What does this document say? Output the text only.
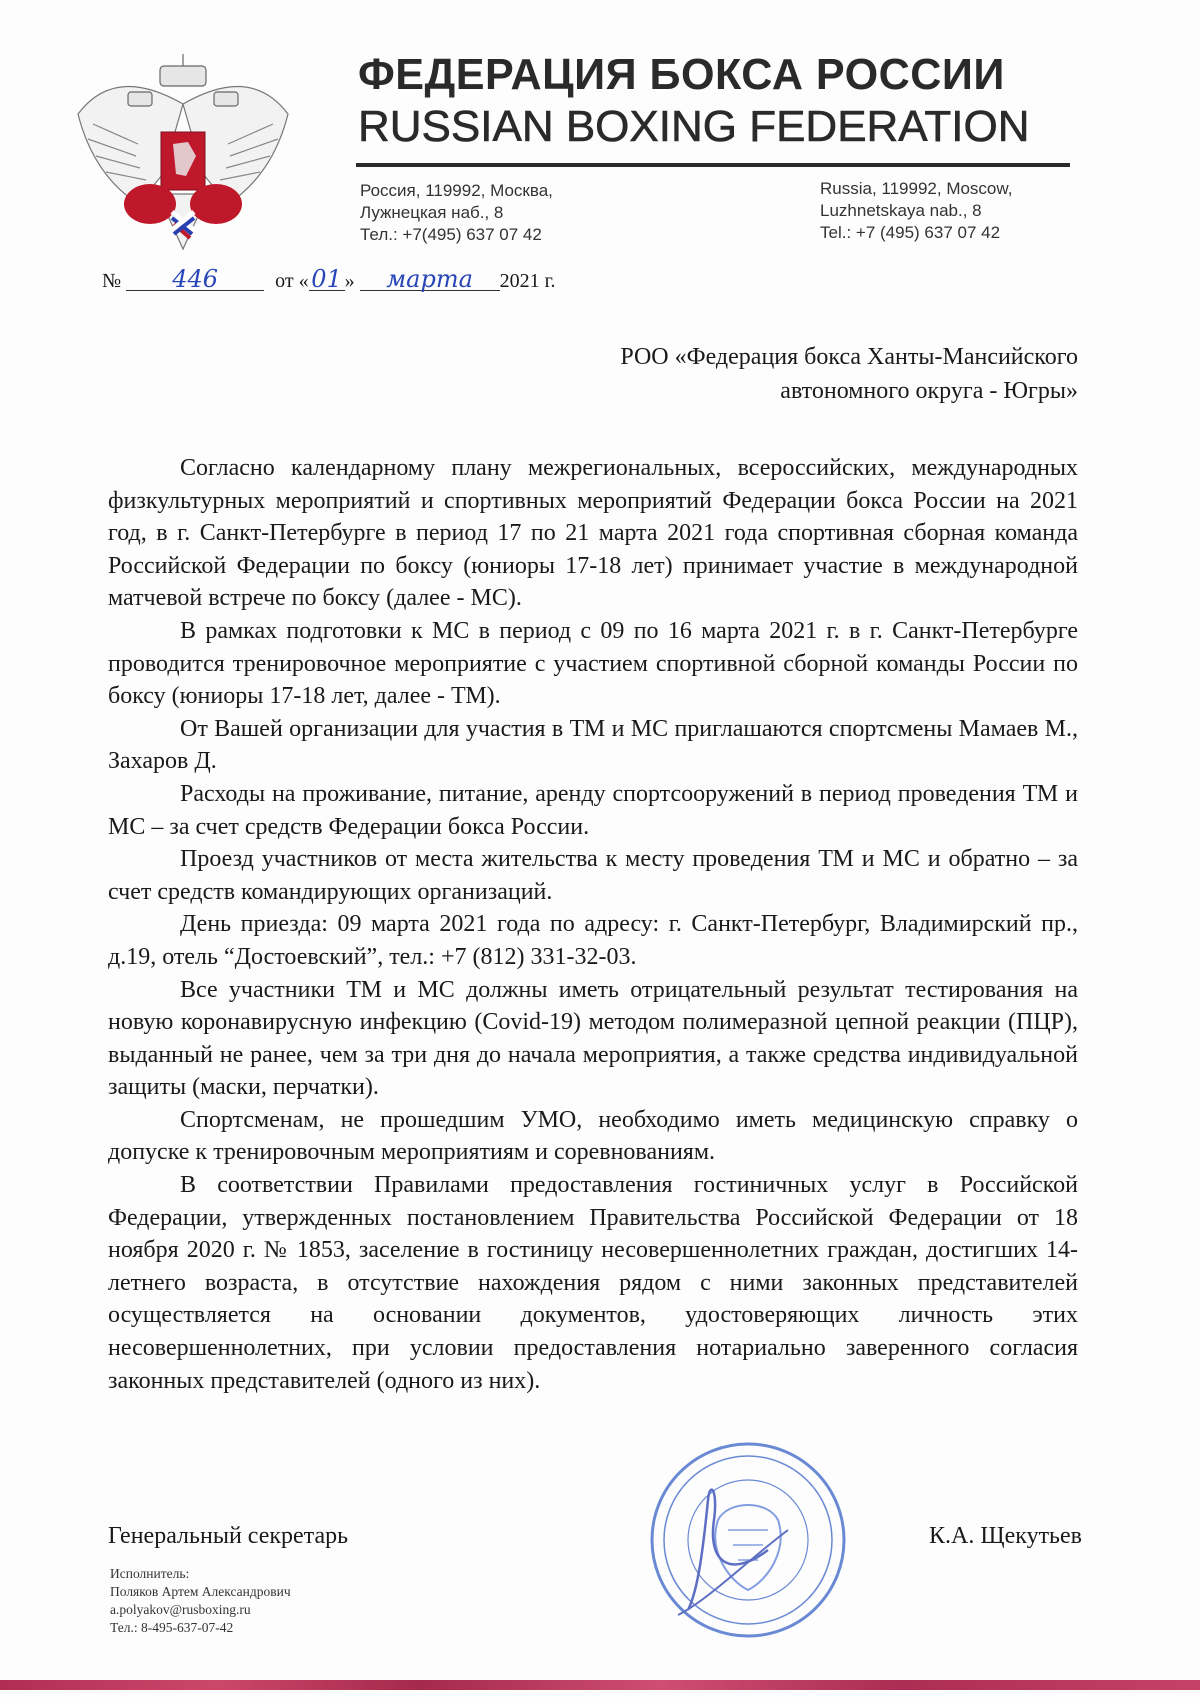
ФЕДЕРАЦИЯ БОКСА РОССИИ
RUSSIAN BOXING FEDERATION
Россия, 119992, Москва,
Лужнецкая наб., 8
Тел.: +7(495) 637 07 42
Russia, 119992, Moscow,
Luzhnetskaya nab., 8
Tel.: +7 (495) 637 07 42
№ 446	от « 01 » марта 2021 г.
РОО «Федерация бокса Ханты-Мансийского
автономного округа - Югры»

Согласно календарному плану межрегиональных, всероссийских, международных физкультурных мероприятий и спортивных мероприятий Федерации бокса России на 2021 год, в г. Санкт-Петербурге в период 17 по 21 марта 2021 года спортивная сборная команда Российской Федерации по боксу (юниоры 17-18 лет) принимает участие в международной матчевой встрече по боксу (далее - МС).

В рамках подготовки к МС в период с 09 по 16 марта 2021 г. в г. Санкт-Петербурге проводится тренировочное мероприятие с участием спортивной сборной команды России по боксу (юниоры 17-18 лет, далее - ТМ).

От Вашей организации для участия в ТМ и МС приглашаются спортсмены Мамаев М., Захаров Д.

Расходы на проживание, питание, аренду спортсооружений в период проведения ТМ и МС – за счет средств Федерации бокса России.

Проезд участников от места жительства к месту проведения ТМ и МС и обратно – за счет средств командирующих организаций.

День приезда: 09 марта 2021 года по адресу: г. Санкт-Петербург, Владимирский пр., д.19, отель “Достоевский”, тел.: +7 (812) 331-32-03.

Все участники ТМ и МС должны иметь отрицательный результат тестирования на новую коронавирусную инфекцию (Covid-19) методом полимеразной цепной реакции (ПЦР), выданный не ранее, чем за три дня до начала мероприятия, а также средства индивидуальной защиты (маски, перчатки).

Спортсменам, не прошедшим УМО, необходимо иметь медицинскую справку о допуске к тренировочным мероприятиям и соревнованиям.

В соответствии Правилами предоставления гостиничных услуг в Российской Федерации, утвержденных постановлением Правительства Российской Федерации от 18 ноября 2020 г. № 1853, заселение в гостиницу несовершеннолетних граждан, достигших 14-летнего возраста, в отсутствие нахождения рядом с ними законных представителей осуществляется на основании документов, удостоверяющих личность этих несовершеннолетних, при условии предоставления нотариально заверенного согласия законных представителей (одного из них).

Генеральный секретарь	К.А. Щекутьев
Исполнитель:
Поляков Артем Александрович
a.polyakov@rusboxing.ru
Тел.: 8-495-637-07-42
